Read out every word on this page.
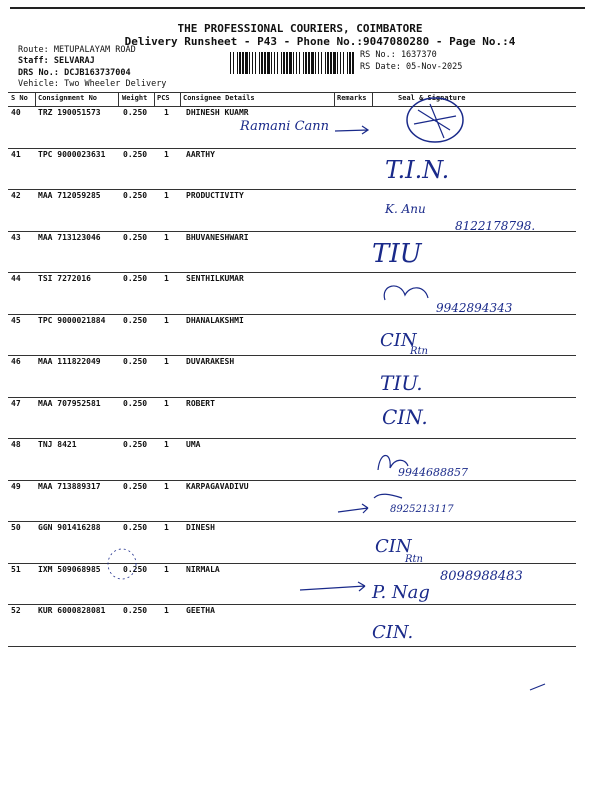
THE PROFESSIONAL COURIERS, COIMBATORE
Delivery Runsheet - P43 - Phone No.:9047080280 - Page No.:4
Route: METUPALAYAM ROAD
Staff: SELVARAJ
DRS No.: DCJB163737004
Vehicle: Two Wheeler Delivery
RS No.: 1637370
RS Date: 05-Nov-2025
S No Consignment No	Weight PCS Consignee Details	Remarks	Seal & Signature
40 TRZ 190051573	0.250 1 DHINESH KUAMR
41 TPC 9000023631 0.250 1 AARTHY
42 MAA 712059285	0.250 1 PRODUCTIVITY
43 MAA 713123046	0.250 1 BHUVANESHWARI
44 TSI 7272016	0.250 1 SENTHILKUMAR
45 TPC 9000021884 0.250 1 DHANALAKSHMI
46 MAA 111822049	0.250 1 DUVARAKESH
47 MAA 707952581	0.250 1 ROBERT
48 TNJ 8421	0.250 1 UMA
49 MAA 713889317	0.250 1 KARPAGAVADIVU
50 GGN 901416288	0.250 1 DINESH
51 IXM 509068985	0.250 1 NIRMALA
52 KUR 6000828081 0.250 1 GEETHA
Ramani Cann
T.I.N.
K. Anu
8122178798.
TIU
9942894343
CIN
Rtn
TIU.
CIN.
9944688857
8925213117
CIN
Rtn
P. Nag
8098988483
CIN.
